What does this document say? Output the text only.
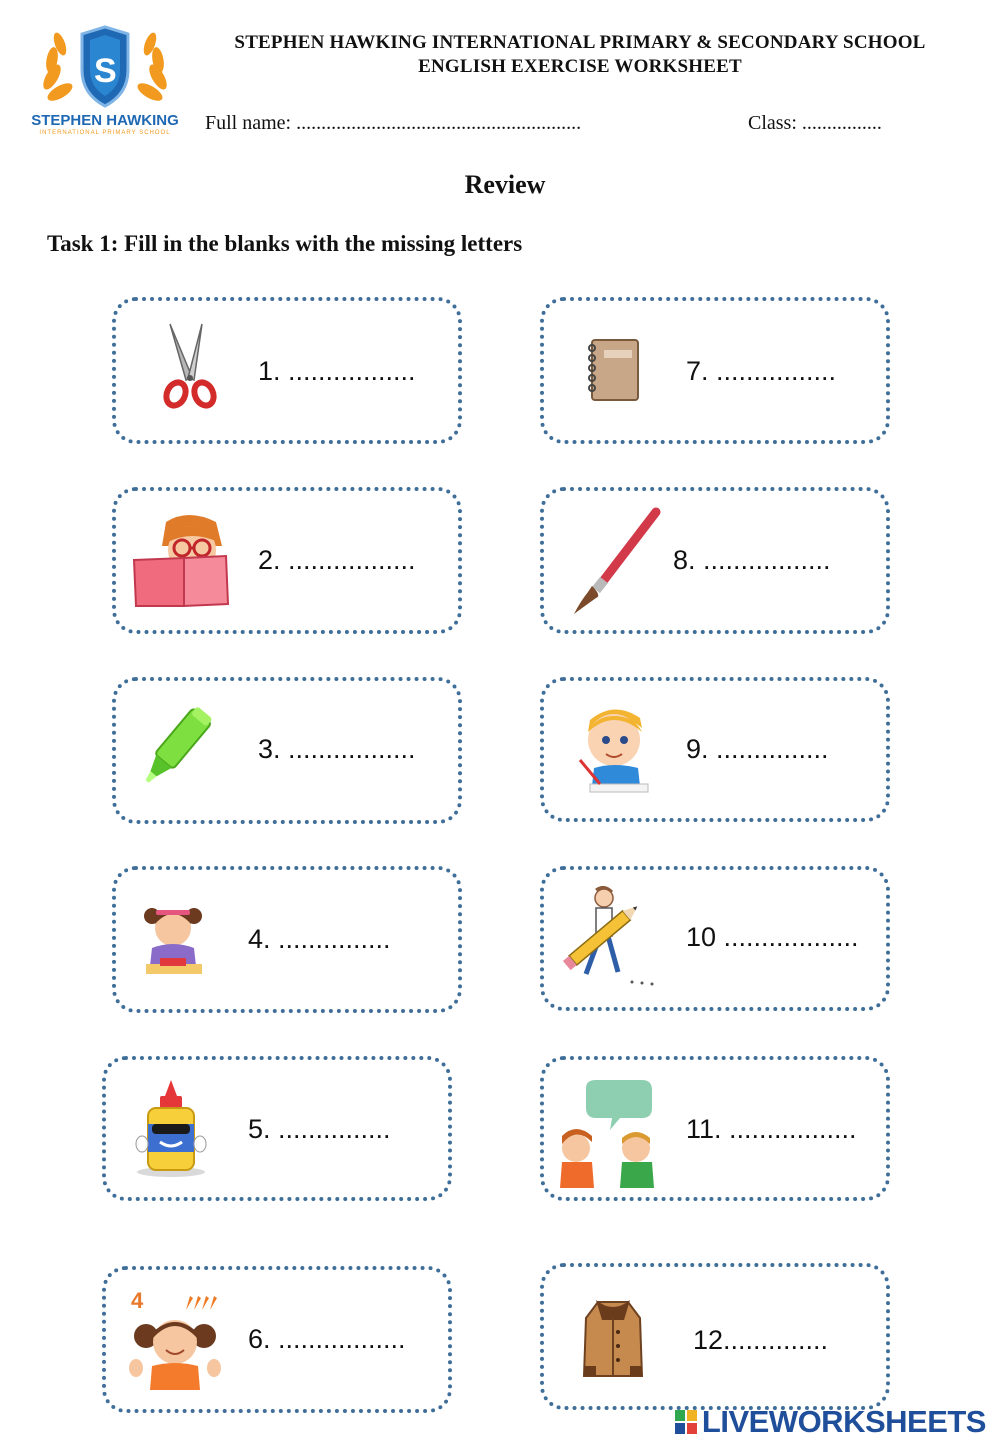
S
STEPHEN HAWKING
INTERNATIONAL PRIMARY SCHOOL
STEPHEN HAWKING INTERNATIONAL PRIMARY & SECONDARY SCHOOL
ENGLISH EXERCISE WORKSHEET
Full name: .........................................................	Class: ................
Review
Task 1: Fill in the blanks with the missing letters
1. .................
2. .................
3. .................
4. ...............
5. ...............
4
6. .................
7. ................
8. .................
9. ...............
10 ..................
11. .................
12..............
LIVEWORKSHEETS
